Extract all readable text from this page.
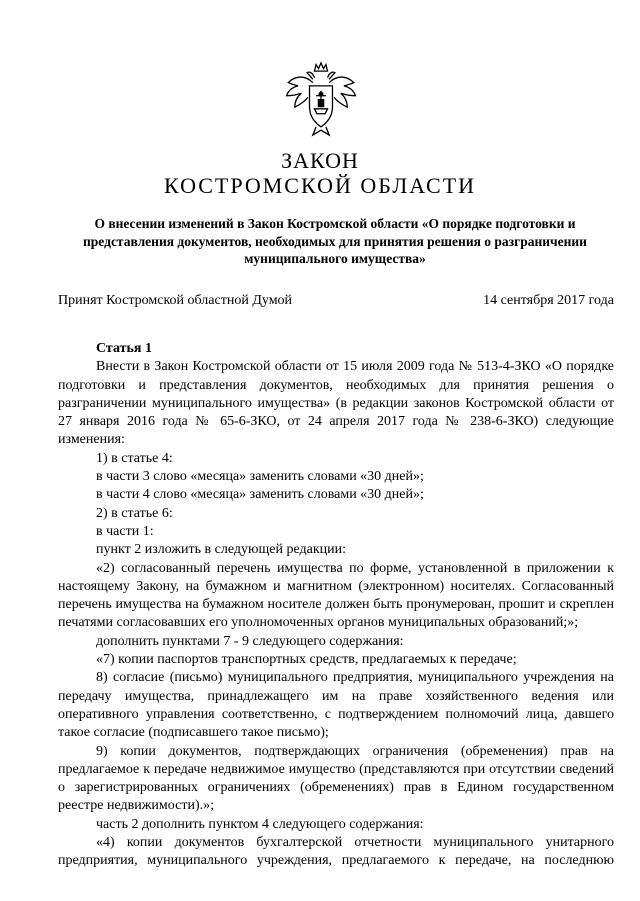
ЗАКОН
КОСТРОМСКОЙ ОБЛАСТИ
О внесении изменений в Закон Костромской области «О порядке подготовки и представления документов, необходимых для принятия решения о разграничении муниципального имущества»
Принят Костромской областной Думой	14 сентября 2017 года

Статья 1

Внести в Закон Костромской области от 15 июля 2009 года № 513-4-ЗКО «О порядке подготовки и представления документов, необходимых для принятия решения о разграничении муниципального имущества» (в редакции законов Костромской области от 27 января 2016 года № 65-6-ЗКО, от 24 апреля 2017 года № 238-6-ЗКО) следующие изменения:

1) в статье 4:

в части 3 слово «месяца» заменить словами «30 дней»;

в части 4 слово «месяца» заменить словами «30 дней»;

2) в статье 6:

в части 1:

пункт 2 изложить в следующей редакции:

«2) согласованный перечень имущества по форме, установленной в приложении к настоящему Закону, на бумажном и магнитном (электронном) носителях. Согласованный перечень имущества на бумажном носителе должен быть пронумерован, прошит и скреплен печатями согласовавших его уполномоченных органов муниципальных образований;»;

дополнить пунктами 7 - 9 следующего содержания:

«7) копии паспортов транспортных средств, предлагаемых к передаче;

8) согласие (письмо) муниципального предприятия, муниципального учреждения на передачу имущества, принадлежащего им на праве хозяйственного ведения или оперативного управления соответственно, с подтверждением полномочий лица, давшего такое согласие (подписавшего такое письмо);

9) копии документов, подтверждающих ограничения (обременения) прав на предлагаемое к передаче недвижимое имущество (представляются при отсутствии сведений о зарегистрированных ограничениях (обременениях) прав в Едином государственном реестре недвижимости).»;

часть 2 дополнить пунктом 4 следующего содержания:

«4) копии документов бухгалтерской отчетности муниципального унитарного предприятия, муниципального учреждения, предлагаемого к передаче, на последнюю
